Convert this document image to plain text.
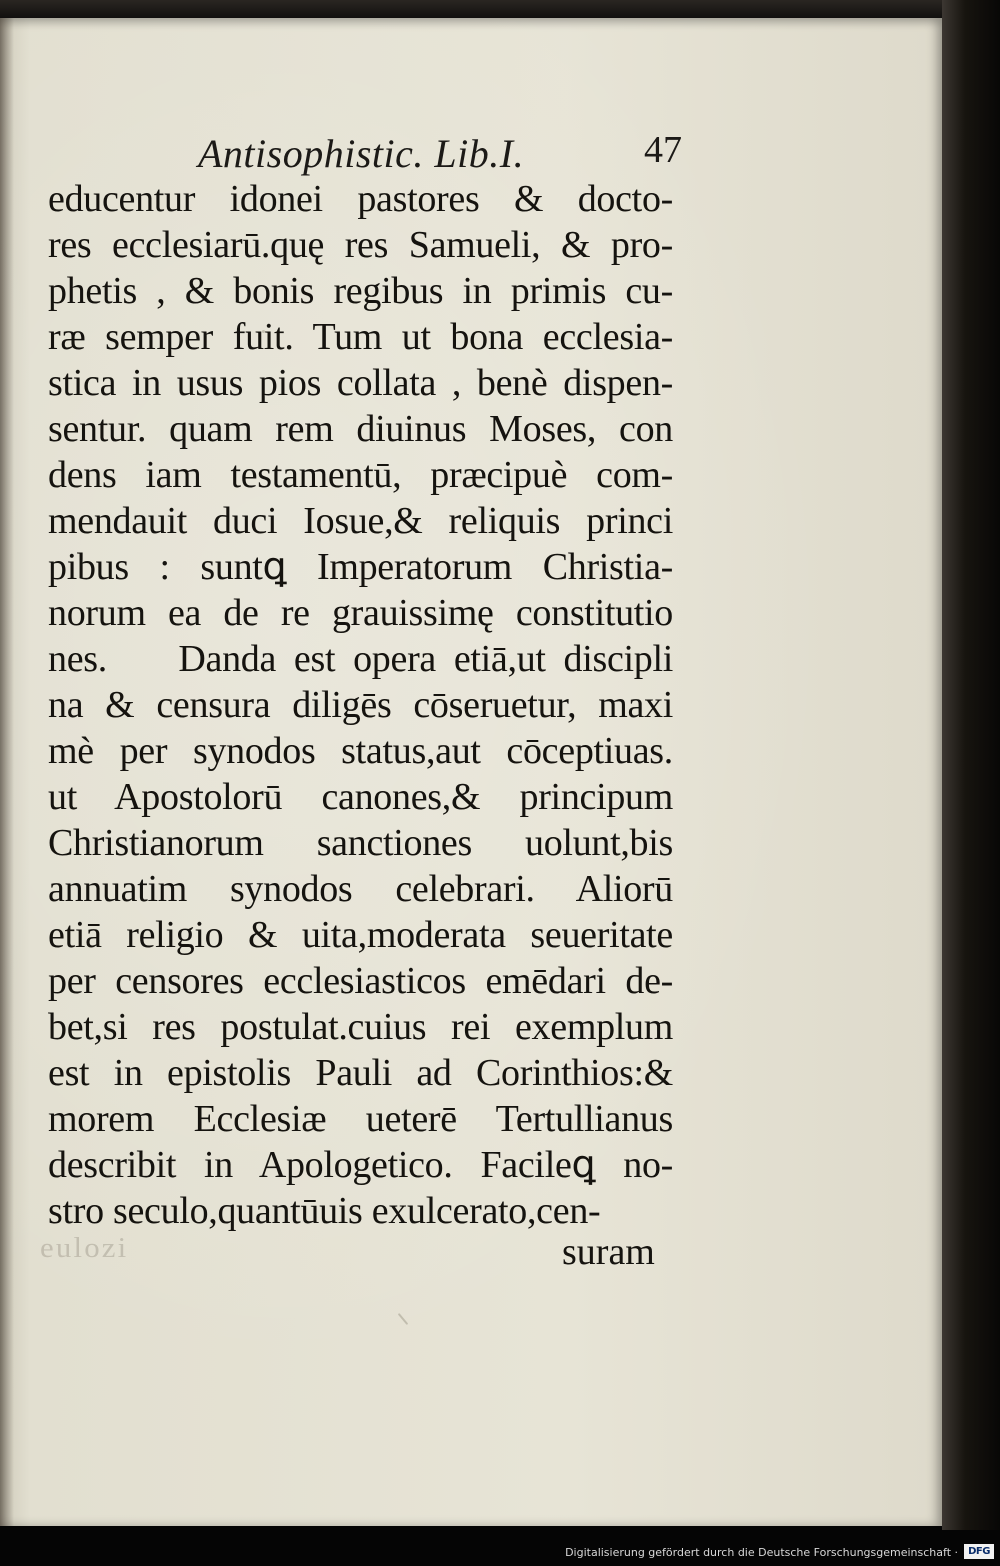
Antisophistic. Lib.I.	47
educentur idonei pastores & docto-
res ecclesiarū.quę res Samueli, & pro-
phetis , & bonis regibus in primis cu-
ræ semper fuit. Tum ut bona ecclesia-
stica in usus pios collata , benè dispen-
sentur. quam rem diuinus Moses, con
dens iam testamentū, præcipuè com-
mendauit duci Iosue,& reliquis princi
pibus : suntꝗ Imperatorum Christia-
norum ea de re grauissimę constitutio
nes.    Danda est opera etiā,ut discipli
na & censura diligēs cōseruetur, maxi
mè per synodos status,aut cōceptiuas.
ut Apostolorū canones,& principum
Christianorum sanctiones uolunt,bis
annuatim synodos celebrari. Aliorū
etiā religio & uita,moderata seueritate
per censores ecclesiasticos emēdari de-
bet,si res postulat.cuius rei exemplum
est in epistolis Pauli ad Corinthios:&
morem Ecclesiæ ueterē Tertullianus
describit in Apologetico. Facileꝗ no-
stro seculo,quantūuis exulcerato,cen-
eulozi	suram
Digitalisierung gefördert durch die Deutsche Forschungsgemeinschaft ·	DFG
